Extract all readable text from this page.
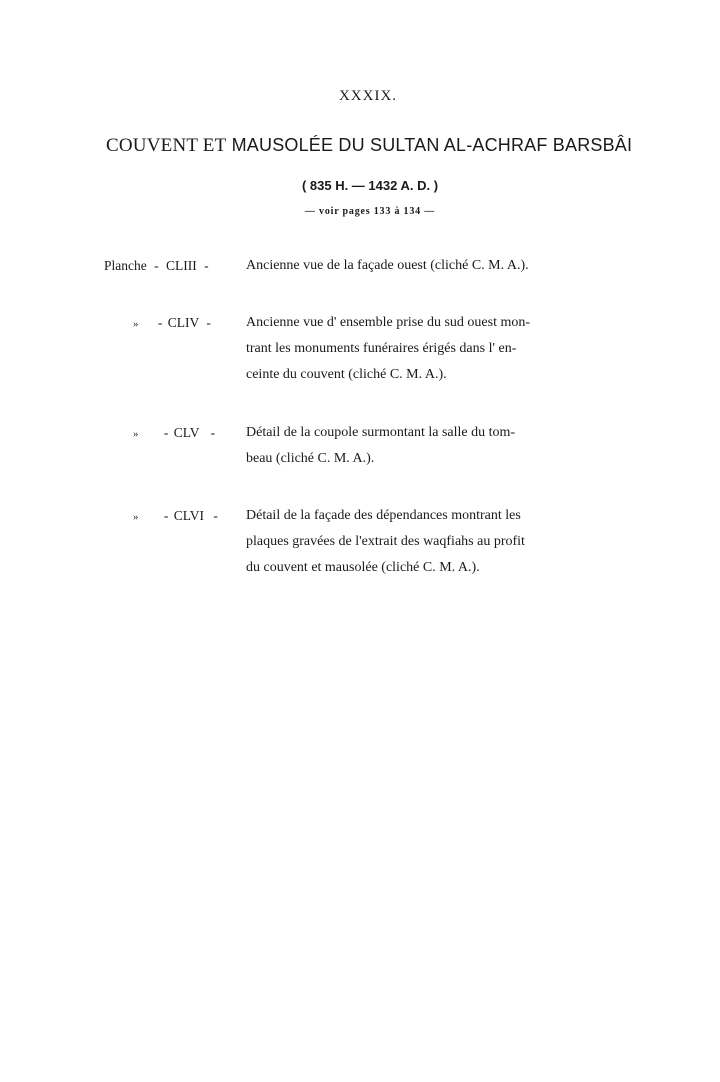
XXXIX.
COUVENT ET MAUSOLÉE DU SULTAN AL-ACHRAF BARSBÂI
( 835 H. — 1432 A. D. )
— voir pages 133 à 134 —
Planche - CLIII -	Ancienne vue de la façade ouest (cliché C. M. A.).
» - CLIV -	Ancienne vue d' ensemble prise du sud ouest mon-
trant les monuments funéraires érigés dans l' en-
ceinte du couvent (cliché C. M. A.).
» - CLV - Détail de la coupole surmontant la salle du tom-
beau (cliché C. M. A.).
» - CLVI - Détail de la façade des dépendances montrant les
plaques gravées de l'extrait des waqfiahs au profit
du couvent et mausolée (cliché C. M. A.).
